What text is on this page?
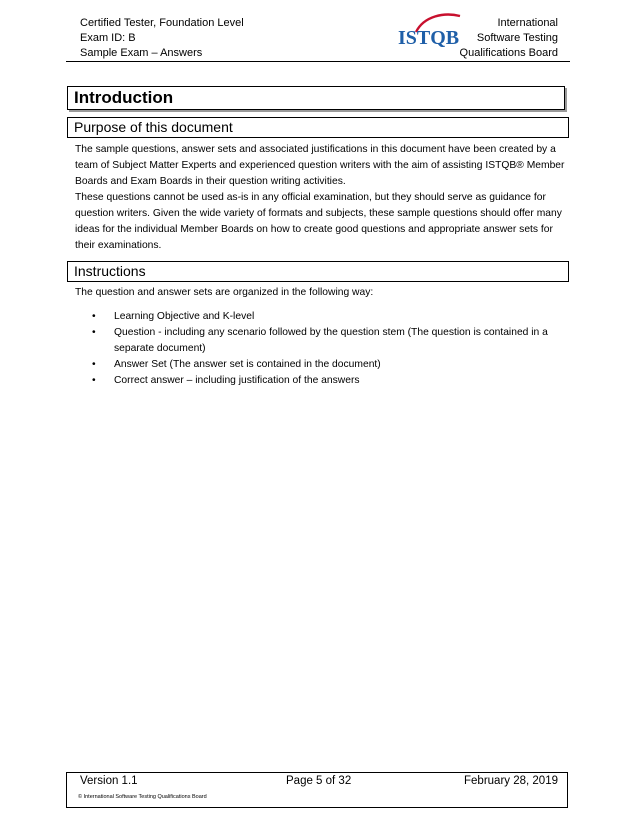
Certified Tester, Foundation Level
Exam ID: B
Sample Exam – Answers
ISTQB
International
Software Testing
Qualifications Board
Introduction
Purpose of this document
The sample questions, answer sets and associated justifications in this document have been created by a team of Subject Matter Experts and experienced question writers with the aim of assisting ISTQB® Member Boards and Exam Boards in their question writing activities.
These questions cannot be used as-is in any official examination, but they should serve as guidance for question writers. Given the wide variety of formats and subjects, these sample questions should offer many ideas for the individual Member Boards on how to create good questions and appropriate answer sets for their examinations.
Instructions
The question and answer sets are organized in the following way:
• Learning Objective and K-level
• Question - including any scenario followed by the question stem (The question is contained in a separate document)
• Answer Set (The answer set is contained in the document)
• Correct answer – including justification of the answers
Version 1.1	Page 5 of 32	February 28, 2019
© International Software Testing Qualifications Board
